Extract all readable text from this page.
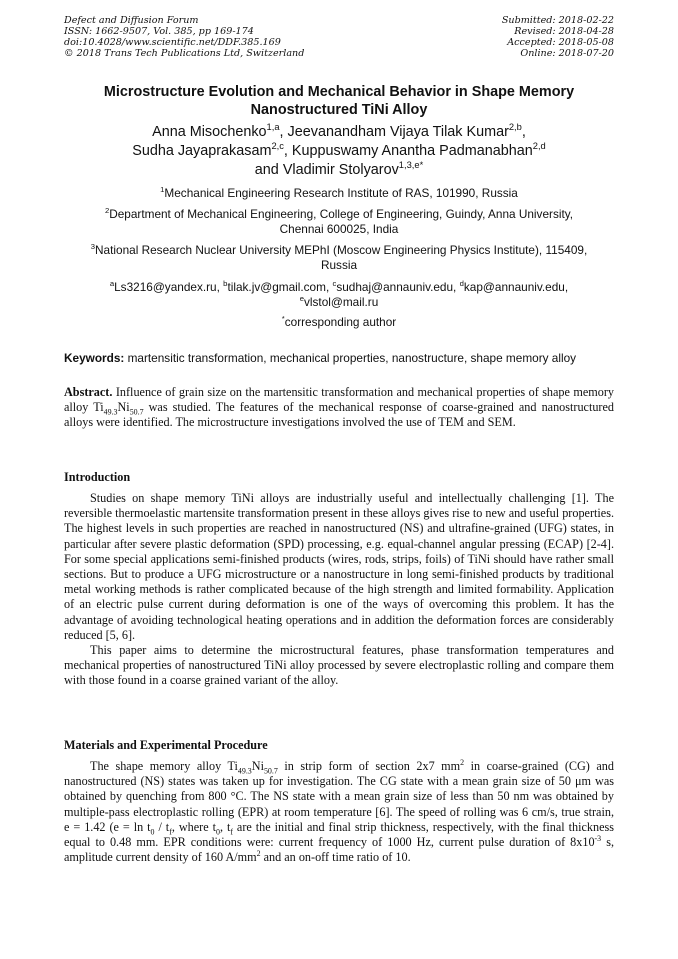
Defect and Diffusion Forum
ISSN: 1662-9507, Vol. 385, pp 169-174
doi:10.4028/www.scientific.net/DDF.385.169
© 2018 Trans Tech Publications Ltd, Switzerland
Submitted: 2018-02-22
Revised: 2018-04-28
Accepted: 2018-05-08
Online: 2018-07-20
Microstructure Evolution and Mechanical Behavior in Shape Memory
Nanostructured TiNi Alloy
Anna Misochenko$^{1,a}$, Jeevanandham Vijaya Tilak Kumar$^{2,b}$,
Sudha Jayaprakasam$^{2,c}$, Kuppuswamy Anantha Padmanabhan$^{2,d}$
and Vladimir Stolyarov$^{1,3,e*}$
$^1$Mechanical Engineering Research Institute of RAS, 101990, Russia
$^2$Department of Mechanical Engineering, College of Engineering, Guindy, Anna University,
Chennai 600025, India
$^3$National Research Nuclear University MEPhI (Moscow Engineering Physics Institute), 115409,
Russia
$^a$Ls3216@yandex.ru, $^b$tilak.jv@gmail.com, $^c$sudhaj@annauniv.edu, $^d$kap@annauniv.edu,
$^e$vlstol@mail.ru
*corresponding author
Keywords: martensitic transformation, mechanical properties, nanostructure, shape memory alloy

Abstract. Influence of grain size on the martensitic transformation and mechanical properties of shape memory alloy $Ti_{49.3}Ni_{50.7}$ was studied. The features of the mechanical response of coarse-grained and nanostructured alloys were identified. The microstructure investigations involved the use of TEM and SEM.

Introduction

Studies on shape memory TiNi alloys are industrially useful and intellectually challenging [1]. The reversible thermoelastic martensite transformation present in these alloys gives rise to new and useful properties. The highest levels in such properties are reached in nanostructured (NS) and ultrafine-grained (UFG) states, in particular after severe plastic deformation (SPD) processing, e.g. equal-channel angular pressing (ECAP) [2-4]. For some special applications semi-finished products (wires, rods, strips, foils) of TiNi should have rather small sections. But to produce a UFG microstructure or a nanostructure in long semi-finished products by traditional metal working methods is rather complicated because of the high strength and limited formability. Application of an electric pulse current during deformation is one of the ways of overcoming this problem. It has the advantage of avoiding technological heating operations and in addition the deformation forces are considerably reduced [5, 6].

This paper aims to determine the microstructural features, phase transformation temperatures and mechanical properties of nanostructured TiNi alloy processed by severe electroplastic rolling and compare them with those found in a coarse grained variant of the alloy.

Materials and Experimental Procedure

The shape memory alloy $Ti_{49.3}Ni_{50.7}$ in strip form of section 2x7 $mm^2$ in coarse-grained (CG) and nanostructured (NS) states was taken up for investigation. The CG state with a mean grain size of 50 μm was obtained by quenching from 800 °C. The NS state with a mean grain size of less than 50 nm was obtained by multiple-pass electroplastic rolling (EPR) at room temperature [6]. The speed of rolling was 6 cm/s, true strain, e = 1.42 ($e = \ln t_0 / t_f$, where $t_0$, $t_f$ are the initial and final strip thickness, respectively, with the final thickness equal to 0.48 mm. EPR conditions were: current frequency of 1000 Hz, current pulse duration of $8x10^{-3}$ s, amplitude current density of 160 $A/mm^2$ and an on-off time ratio of 10.
